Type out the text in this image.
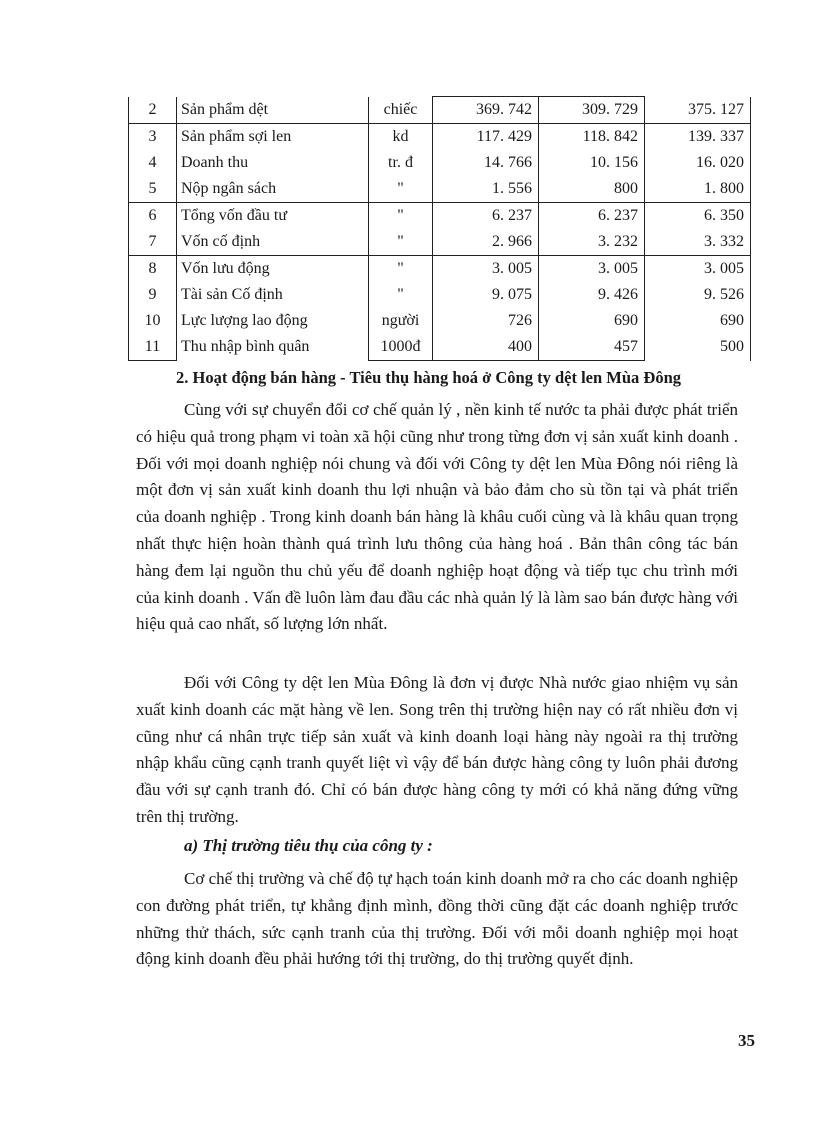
2	Sản phẩm dệt	chiếc	369. 742	309. 729	375. 127
3	Sản phẩm sợi len	kd	117. 429	118. 842	139. 337
4	Doanh thu	tr. đ	14. 766	10. 156	16. 020
5	Nộp ngân sách	"	1. 556	800	1. 800
6	Tổng vốn đầu tư	"	6. 237	6. 237	6. 350
7	Vốn cố định	"	2. 966	3. 232	3. 332
8	Vốn lưu động	"	3. 005	3. 005	3. 005
9	Tài sản Cố định	"	9. 075	9. 426	9. 526
10	Lực lượng lao động	người	726	690	690
11	Thu nhập bình quân	1000đ	400	457	500
2. Hoạt động bán hàng - Tiêu thụ hàng hoá ở Công ty dệt len Mùa Đông

Cùng với sự chuyển đổi cơ chế quản lý , nền kinh tế nước ta phải được phát triển có hiệu quả trong phạm vi toàn xã hội cũng như trong từng đơn vị sản xuất kinh doanh . Đối với mọi doanh nghiệp nói chung và đối với Công ty dệt len Mùa Đông nói riêng là một đơn vị sản xuất kinh doanh thu lợi nhuận và bảo đảm cho sù tồn tại và phát triển của doanh nghiệp . Trong kinh doanh bán hàng là khâu cuối cùng và là khâu quan trọng nhất thực hiện hoàn thành quá trình lưu thông của hàng hoá . Bản thân công tác bán hàng đem lại nguồn thu chủ yếu để doanh nghiệp hoạt động và tiếp tục chu trình mới của kinh doanh . Vấn đề luôn làm đau đầu các nhà quản lý là làm sao bán được hàng với hiệu quả cao nhất, số lượng lớn nhất.

Đối với Công ty dệt len Mùa Đông là đơn vị được Nhà nước giao nhiệm vụ sản xuất kinh doanh các mặt hàng về len. Song trên thị trường hiện nay có rất nhiều đơn vị cũng như cá nhân trực tiếp sản xuất và kinh doanh loại hàng này ngoài ra thị trường nhập khẩu cũng cạnh tranh quyết liệt vì vậy để bán được hàng công ty luôn phải đương đầu với sự cạnh tranh đó. Chỉ có bán được hàng công ty mới có khả năng đứng vững trên thị trường.

a) Thị trường tiêu thụ của công ty :

Cơ chế thị trường và chế độ tự hạch toán kinh doanh mở ra cho các doanh nghiệp con đường phát triển, tự khẳng định mình, đồng thời cũng đặt các doanh nghiệp trước những thử thách, sức cạnh tranh của thị trường. Đối với mỗi doanh nghiệp mọi hoạt động kinh doanh đều phải hướng tới thị trường, do thị trường quyết định.

35
